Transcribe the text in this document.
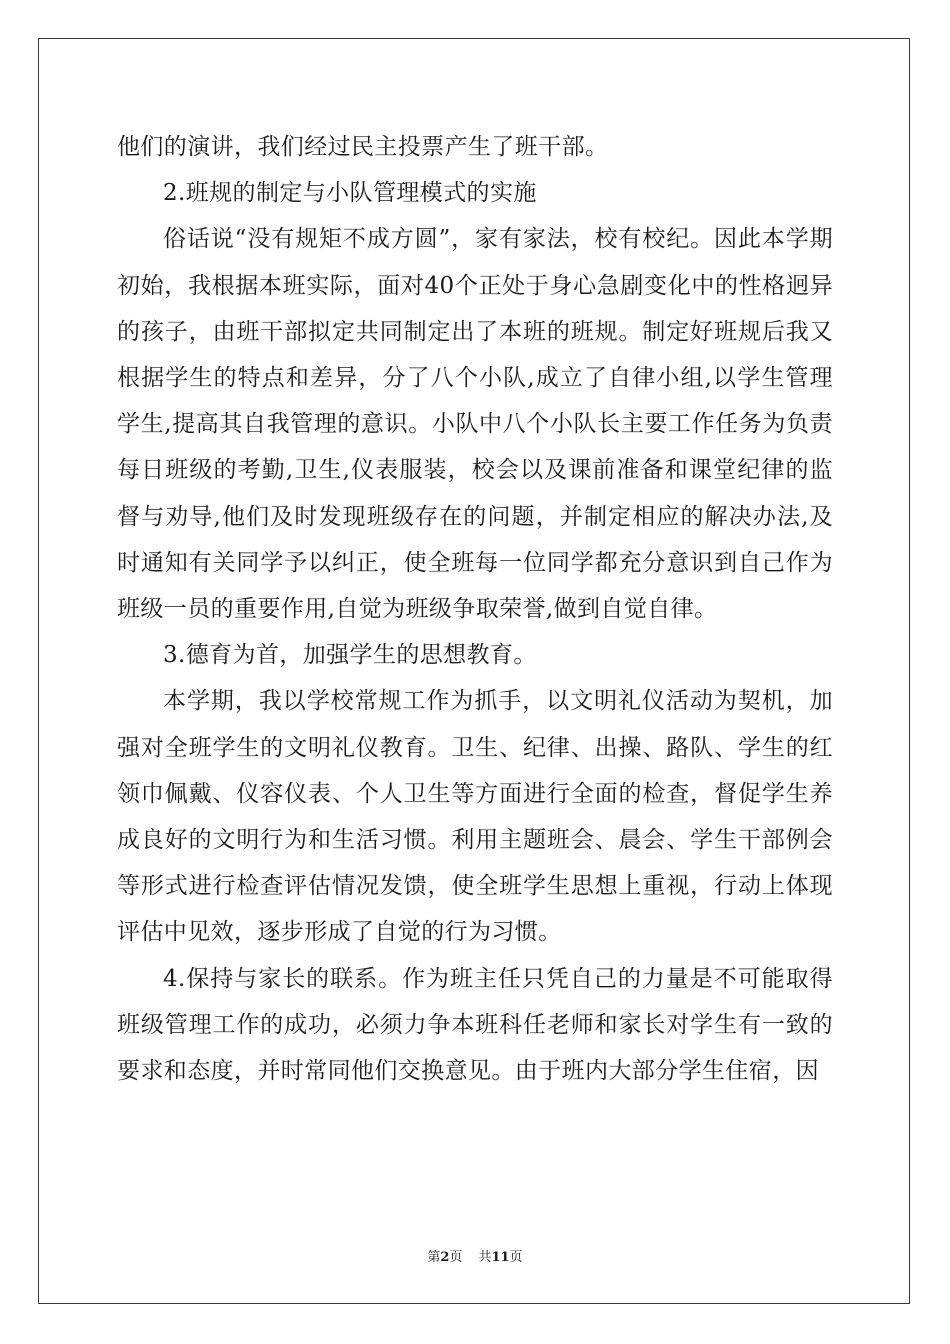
他们的演讲，我们经过民主投票产生了班干部。

2.班规的制定与小队管理模式的实施

俗话说“没有规矩不成方圆”，家有家法，校有校纪。因此本学期初始，我根据本班实际，面对40个正处于身心急剧变化中的性格迥异的孩子，由班干部拟定共同制定出了本班的班规。制定好班规后我又根据学生的特点和差异，分了八个小队,成立了自律小组,以学生管理学生,提高其自我管理的意识。小队中八个小队长主要工作任务为负责每日班级的考勤,卫生,仪表服装，校会以及课前准备和课堂纪律的监督与劝导,他们及时发现班级存在的问题，并制定相应的解决办法,及时通知有关同学予以纠正，使全班每一位同学都充分意识到自己作为班级一员的重要作用,自觉为班级争取荣誉,做到自觉自律。

3.德育为首，加强学生的思想教育。

本学期，我以学校常规工作为抓手，以文明礼仪活动为契机，加强对全班学生的文明礼仪教育。卫生、纪律、出操、路队、学生的红领巾佩戴、仪容仪表、个人卫生等方面进行全面的检查，督促学生养成良好的文明行为和生活习惯。利用主题班会、晨会、学生干部例会等形式进行检查评估情况发馈，使全班学生思想上重视，行动上体现评估中见效，逐步形成了自觉的行为习惯。

4.保持与家长的联系。作为班主任只凭自己的力量是不可能取得班级管理工作的成功，必须力争本班科任老师和家长对学生有一致的要求和态度，并时常同他们交换意见。由于班内大部分学生住宿，因

第2页 共11页
